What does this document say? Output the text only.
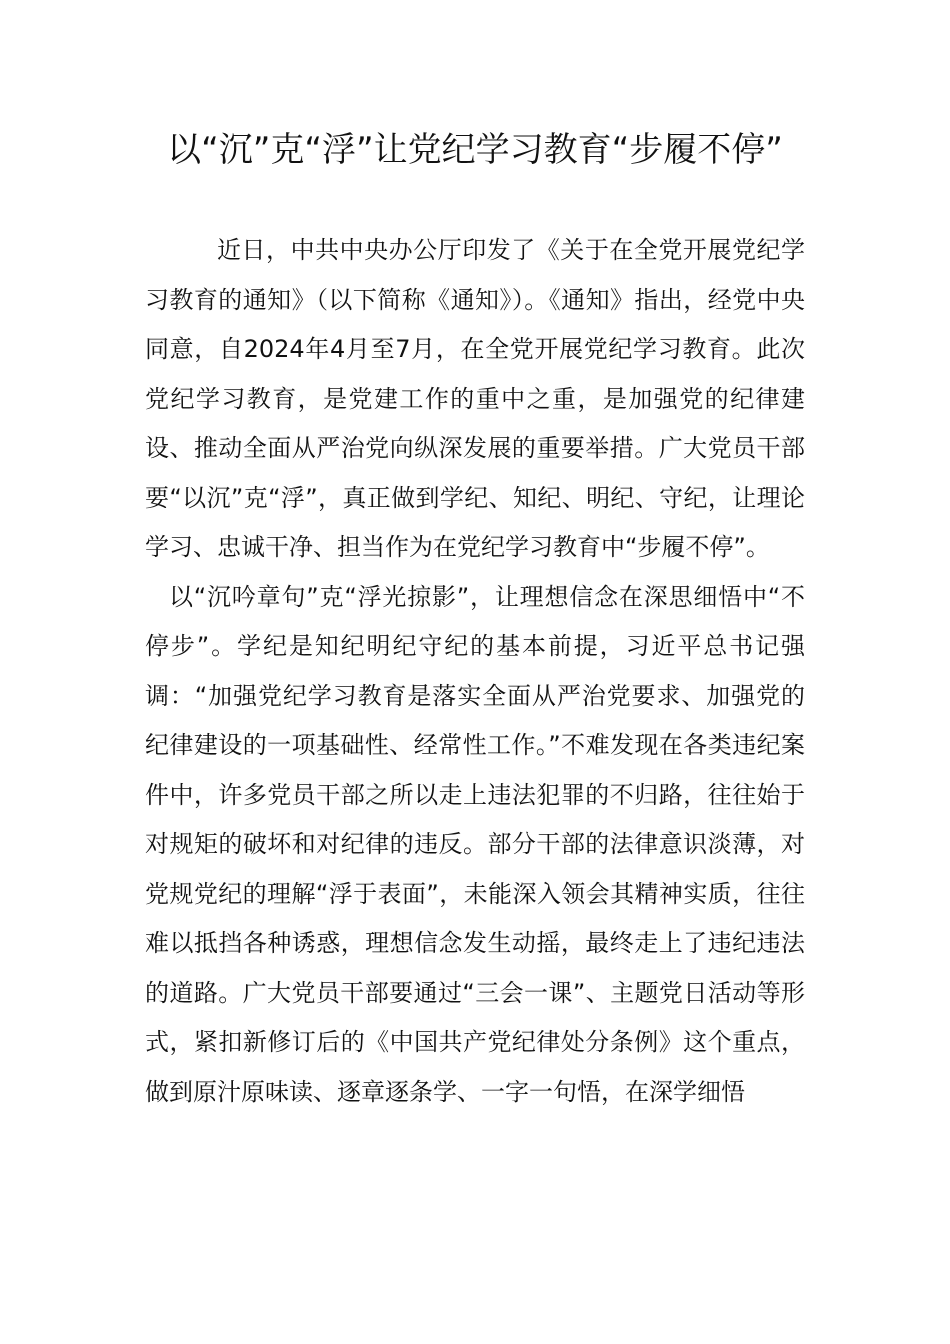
以“沉”克“浮”让党纪学习教育“步履不停”

近日，中共中央办公厅印发了《关于在全党开展党纪学习教育的通知》（以下简称《通知》）。《通知》指出，经党中央同意，自2024年4月至7月，在全党开展党纪学习教育。此次党纪学习教育，是党建工作的重中之重，是加强党的纪律建设、推动全面从严治党向纵深发展的重要举措。广大党员干部要“以沉”克“浮”，真正做到学纪、知纪、明纪、守纪，让理论学习、忠诚干净、担当作为在党纪学习教育中“步履不停”。

以“沉吟章句”克“浮光掠影”，让理想信念在深思细悟中“不停步”。学纪是知纪明纪守纪的基本前提，习近平总书记强调：“加强党纪学习教育是落实全面从严治党要求、加强党的纪律建设的一项基础性、经常性工作。”不难发现在各类违纪案件中，许多党员干部之所以走上违法犯罪的不归路，往往始于对规矩的破坏和对纪律的违反。部分干部的法律意识淡薄，对党规党纪的理解“浮于表面”，未能深入领会其精神实质，往往难以抵挡各种诱惑，理想信念发生动摇，最终走上了违纪违法的道路。广大党员干部要通过“三会一课”、主题党日活动等形式，紧扣新修订后的《中国共产党纪律处分条例》这个重点，做到原汁原味读、逐章逐条学、一字一句悟，在深学细悟
